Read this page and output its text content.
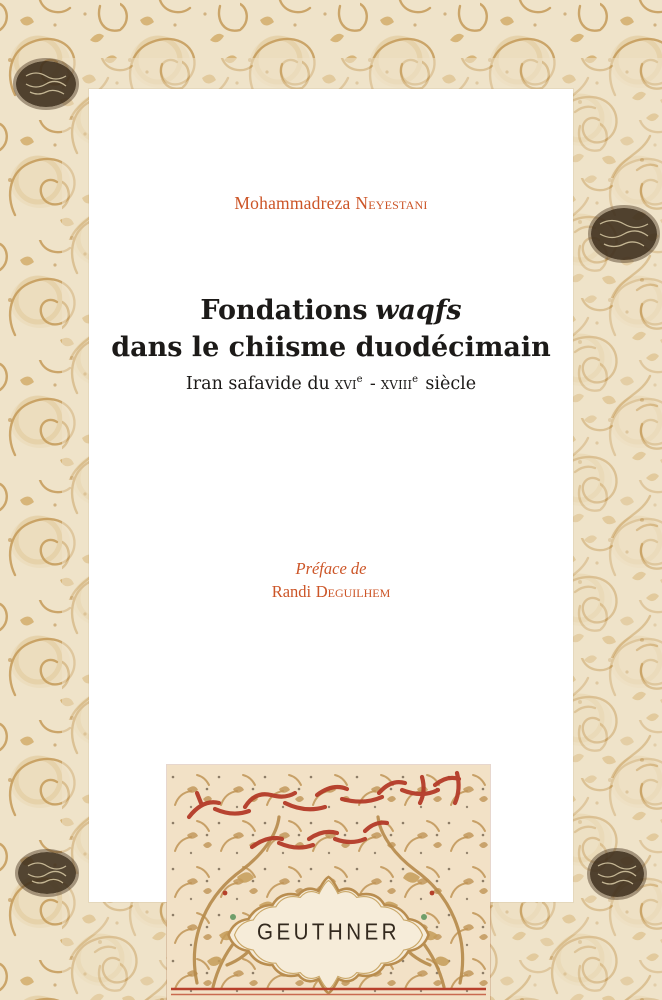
Mohammadreza Neyestani
Fondations waqfs
dans le chiisme duodécimain
Iran safavide du xvi$^e$ - xviii$^e$ siècle
Préface de
Randi Deguilhem
GEUTHNER
